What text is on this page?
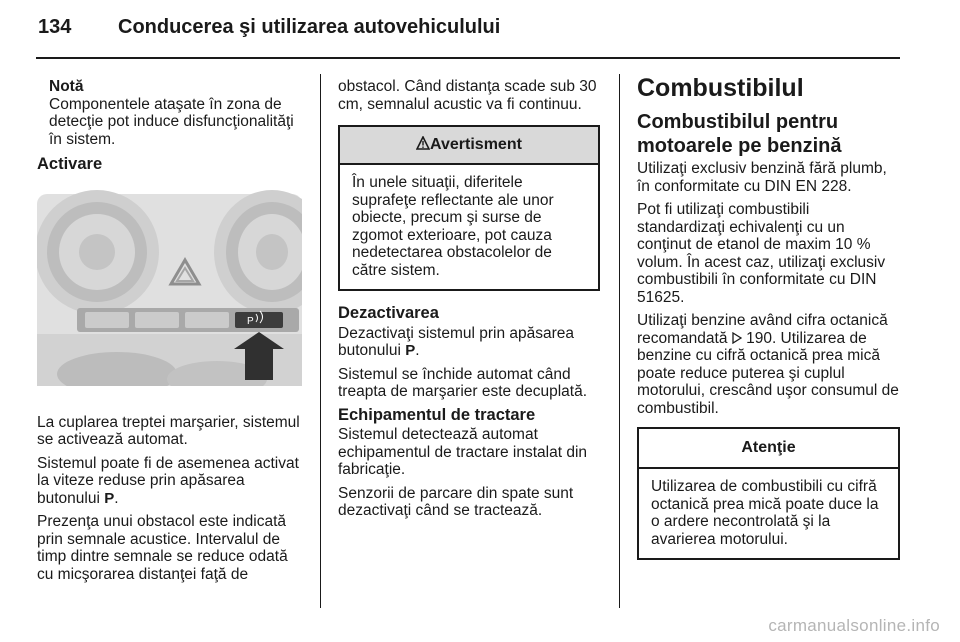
134 Conducerea şi utilizarea autovehiculului
Notă
Componentele ataşate în zona de detecţie pot induce disfuncţionalităţi în sistem.
Activare
P

La cuplarea treptei marşarier, sistemul se activează automat.

Sistemul poate fi de asemenea activat la viteze reduse prin apăsarea butonului P.

Prezenţa unui obstacol este indicată prin semnale acustice. Intervalul de timp dintre semnale se reduce odată cu micşorarea distanţei faţă de

obstacol. Când distanţa scade sub 30 cm, semnalul acustic va fi continuu.

Avertisment
În unele situaţii, diferitele suprafeţe reflectante ale unor obiecte, precum şi surse de zgomot exterioare, pot cauza nedetectarea obstacolelor de către sistem.
Dezactivarea

Dezactivaţi sistemul prin apăsarea butonului P.

Sistemul se închide automat când treapta de marşarier este decuplată.

Echipamentul de tractare

Sistemul detectează automat echipamentul de tractare instalat din fabricaţie.

Senzorii de parcare din spate sunt dezactivaţi când se tractează.

Combustibilul
Combustibilul pentru motoarele pe benzină

Utilizaţi exclusiv benzină fără plumb, în conformitate cu DIN EN 228.

Pot fi utilizaţi combustibili standardizaţi echivalenţi cu un conţinut de etanol de maxim 10 % volum. În acest caz, utilizaţi exclusiv combustibili în conformitate cu DIN 51625.

Utilizaţi benzine având cifra octanică recomandată  190. Utilizarea de benzine cu cifră octanică prea mică poate reduce puterea şi cuplul motorului, crescând uşor consumul de combustibil.

Atenţie
Utilizarea de combustibili cu cifră octanică prea mică poate duce la o ardere necontrolată şi la avarierea motorului.
carmanualsonline.info
